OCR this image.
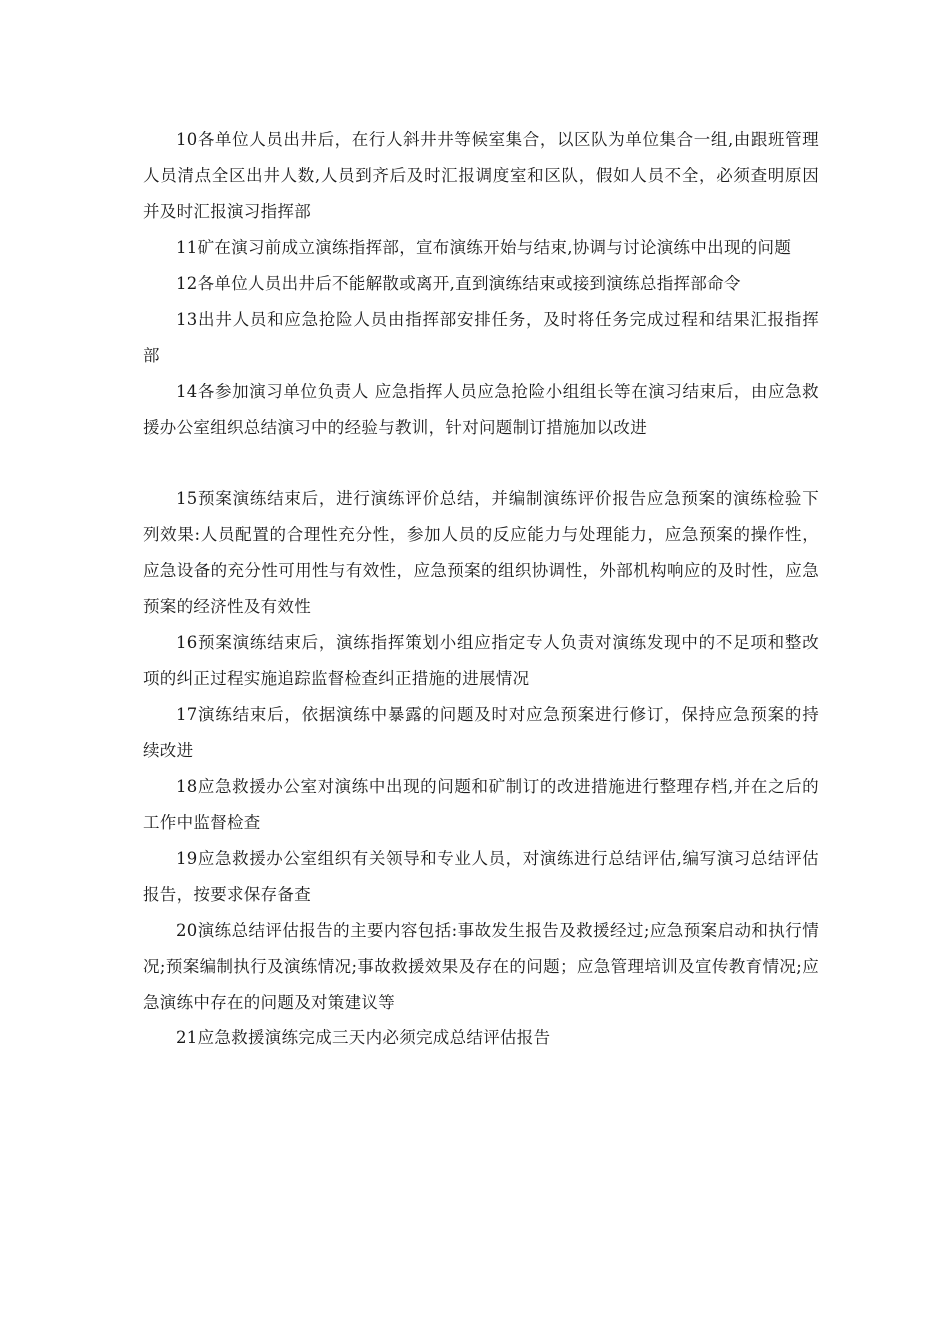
10各单位人员出井后，在行人斜井井等候室集合，以区队为单位集合一组,由跟班管理人员清点全区出井人数,人员到齐后及时汇报调度室和区队，假如人员不全，必须查明原因并及时汇报演习指挥部

11矿在演习前成立演练指挥部，宣布演练开始与结束,协调与讨论演练中出现的问题

12各单位人员出井后不能解散或离开,直到演练结束或接到演练总指挥部命令

13出井人员和应急抢险人员由指挥部安排任务，及时将任务完成过程和结果汇报指挥部

14各参加演习单位负责人 应急指挥人员应急抢险小组组长等在演习结束后，由应急救援办公室组织总结演习中的经验与教训，针对问题制订措施加以改进

15预案演练结束后，进行演练评价总结，并编制演练评价报告应急预案的演练检验下列效果:人员配置的合理性充分性，参加人员的反应能力与处理能力，应急预案的操作性，应急设备的充分性可用性与有效性，应急预案的组织协调性，外部机构响应的及时性，应急预案的经济性及有效性

16预案演练结束后，演练指挥策划小组应指定专人负责对演练发现中的不足项和整改项的纠正过程实施追踪监督检查纠正措施的进展情况

17演练结束后，依据演练中暴露的问题及时对应急预案进行修订，保持应急预案的持续改进

18应急救援办公室对演练中出现的问题和矿制订的改进措施进行整理存档,并在之后的工作中监督检查

19应急救援办公室组织有关领导和专业人员，对演练进行总结评估,编写演习总结评估报告，按要求保存备查

20演练总结评估报告的主要内容包括:事故发生报告及救援经过;应急预案启动和执行情况;预案编制执行及演练情况;事故救援效果及存在的问题；应急管理培训及宣传教育情况;应急演练中存在的问题及对策建议等

21应急救援演练完成三天内必须完成总结评估报告
